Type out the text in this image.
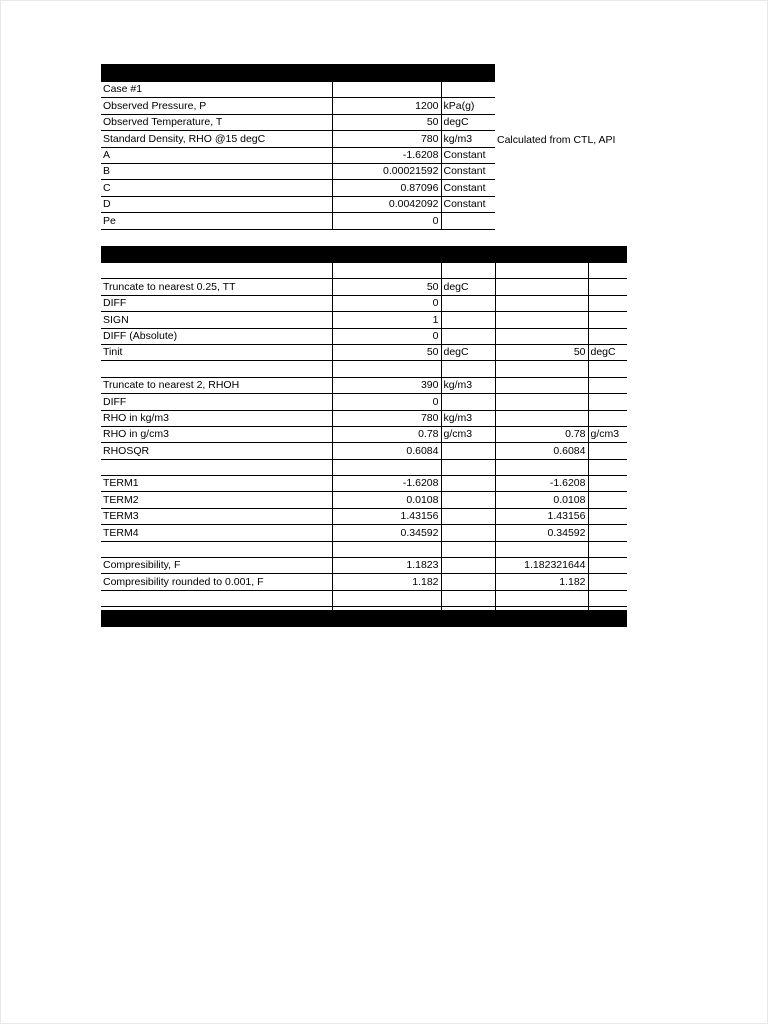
Case #1		
Observed Pressure, P	1200	kPa(g)
Observed Temperature, T	50	degC
Standard Density, RHO @15 degC	780	kg/m3
A	-1.6208	Constant
B	0.00021592	Constant
C	0.87096	Constant
D	0.0042092	Constant
Pe	0	
Calculated from CTL, API

Truncate to nearest 0.25, TT	50	degC		
DIFF	0			
SIGN	1			
DIFF (Absolute)	0			
Tinit	50	degC	50	degC

Truncate to nearest 2, RHOH	390	kg/m3		
DIFF	0			
RHO in kg/m3	780	kg/m3		
RHO in g/cm3	0.78	g/cm3	0.78	g/cm3
RHOSQR	0.6084		0.6084	

TERM1	-1.6208		-1.6208	
TERM2	0.0108		0.0108	
TERM3	1.43156		1.43156	
TERM4	0.34592		0.34592	

Compresibility, F	1.1823		1.182321644	
Compresibility rounded to 0.001, F	1.182		1.182	
